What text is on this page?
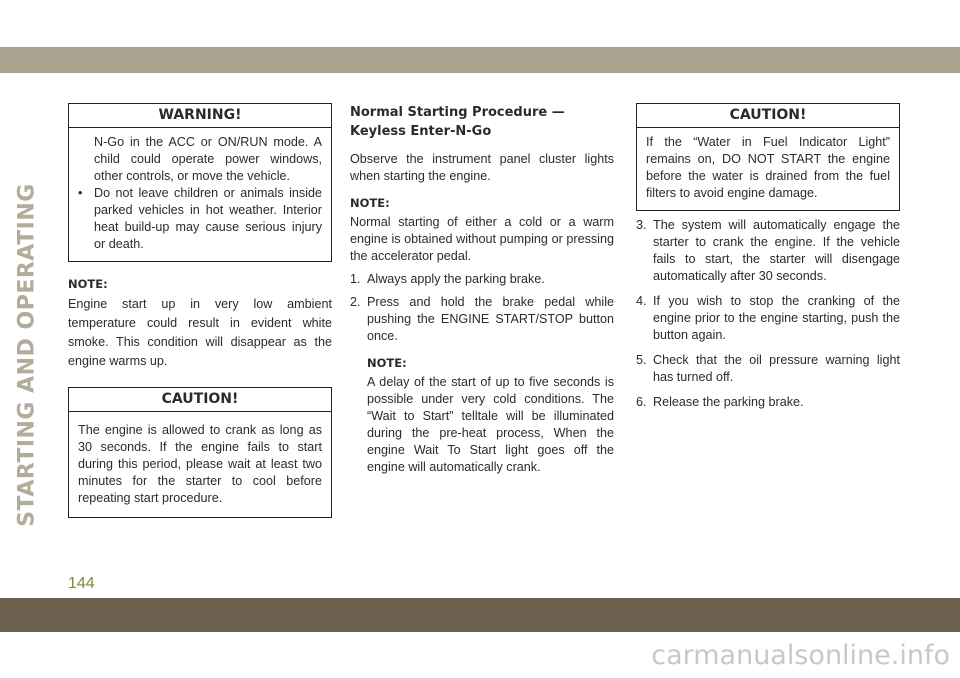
STARTING AND OPERATING
WARNING!

N-Go in the ACC or ON/RUN mode. A child could operate power windows, other controls, or move the vehicle.

• Do not leave children or animals inside parked vehicles in hot weather. Interior heat build-up may cause serious injury or death.
NOTE:

Engine start up in very low ambient temperature could result in evident white smoke. This condition will disappear as the engine warms up.

CAUTION!

The engine is allowed to crank as long as 30 seconds. If the engine fails to start during this period, please wait at least two minutes for the starter to cool before repeating start procedure.

Normal Starting Procedure — Keyless Enter-N-Go

Observe the instrument panel cluster lights when starting the engine.

NOTE:

Normal starting of either a cold or a warm engine is obtained without pumping or pressing the accelerator pedal.

1. Always apply the parking brake.
2. Press and hold the brake pedal while pushing the ENGINE START/STOP button once.
NOTE:

A delay of the start of up to five seconds is possible under very cold conditions. The “Wait to Start” telltale will be illuminated during the pre-heat process, When the engine Wait To Start light goes off the engine will automatically crank.

CAUTION!

If the “Water in Fuel Indicator Light” remains on, DO NOT START the engine before the water is drained from the fuel filters to avoid engine damage.

3. The system will automatically engage the starter to crank the engine. If the vehicle fails to start, the starter will disengage automatically after 30 seconds.
4. If you wish to stop the cranking of the engine prior to the engine starting, push the button again.
5. Check that the oil pressure warning light has turned off.
6. Release the parking brake.
144
carmanualsonline.info
